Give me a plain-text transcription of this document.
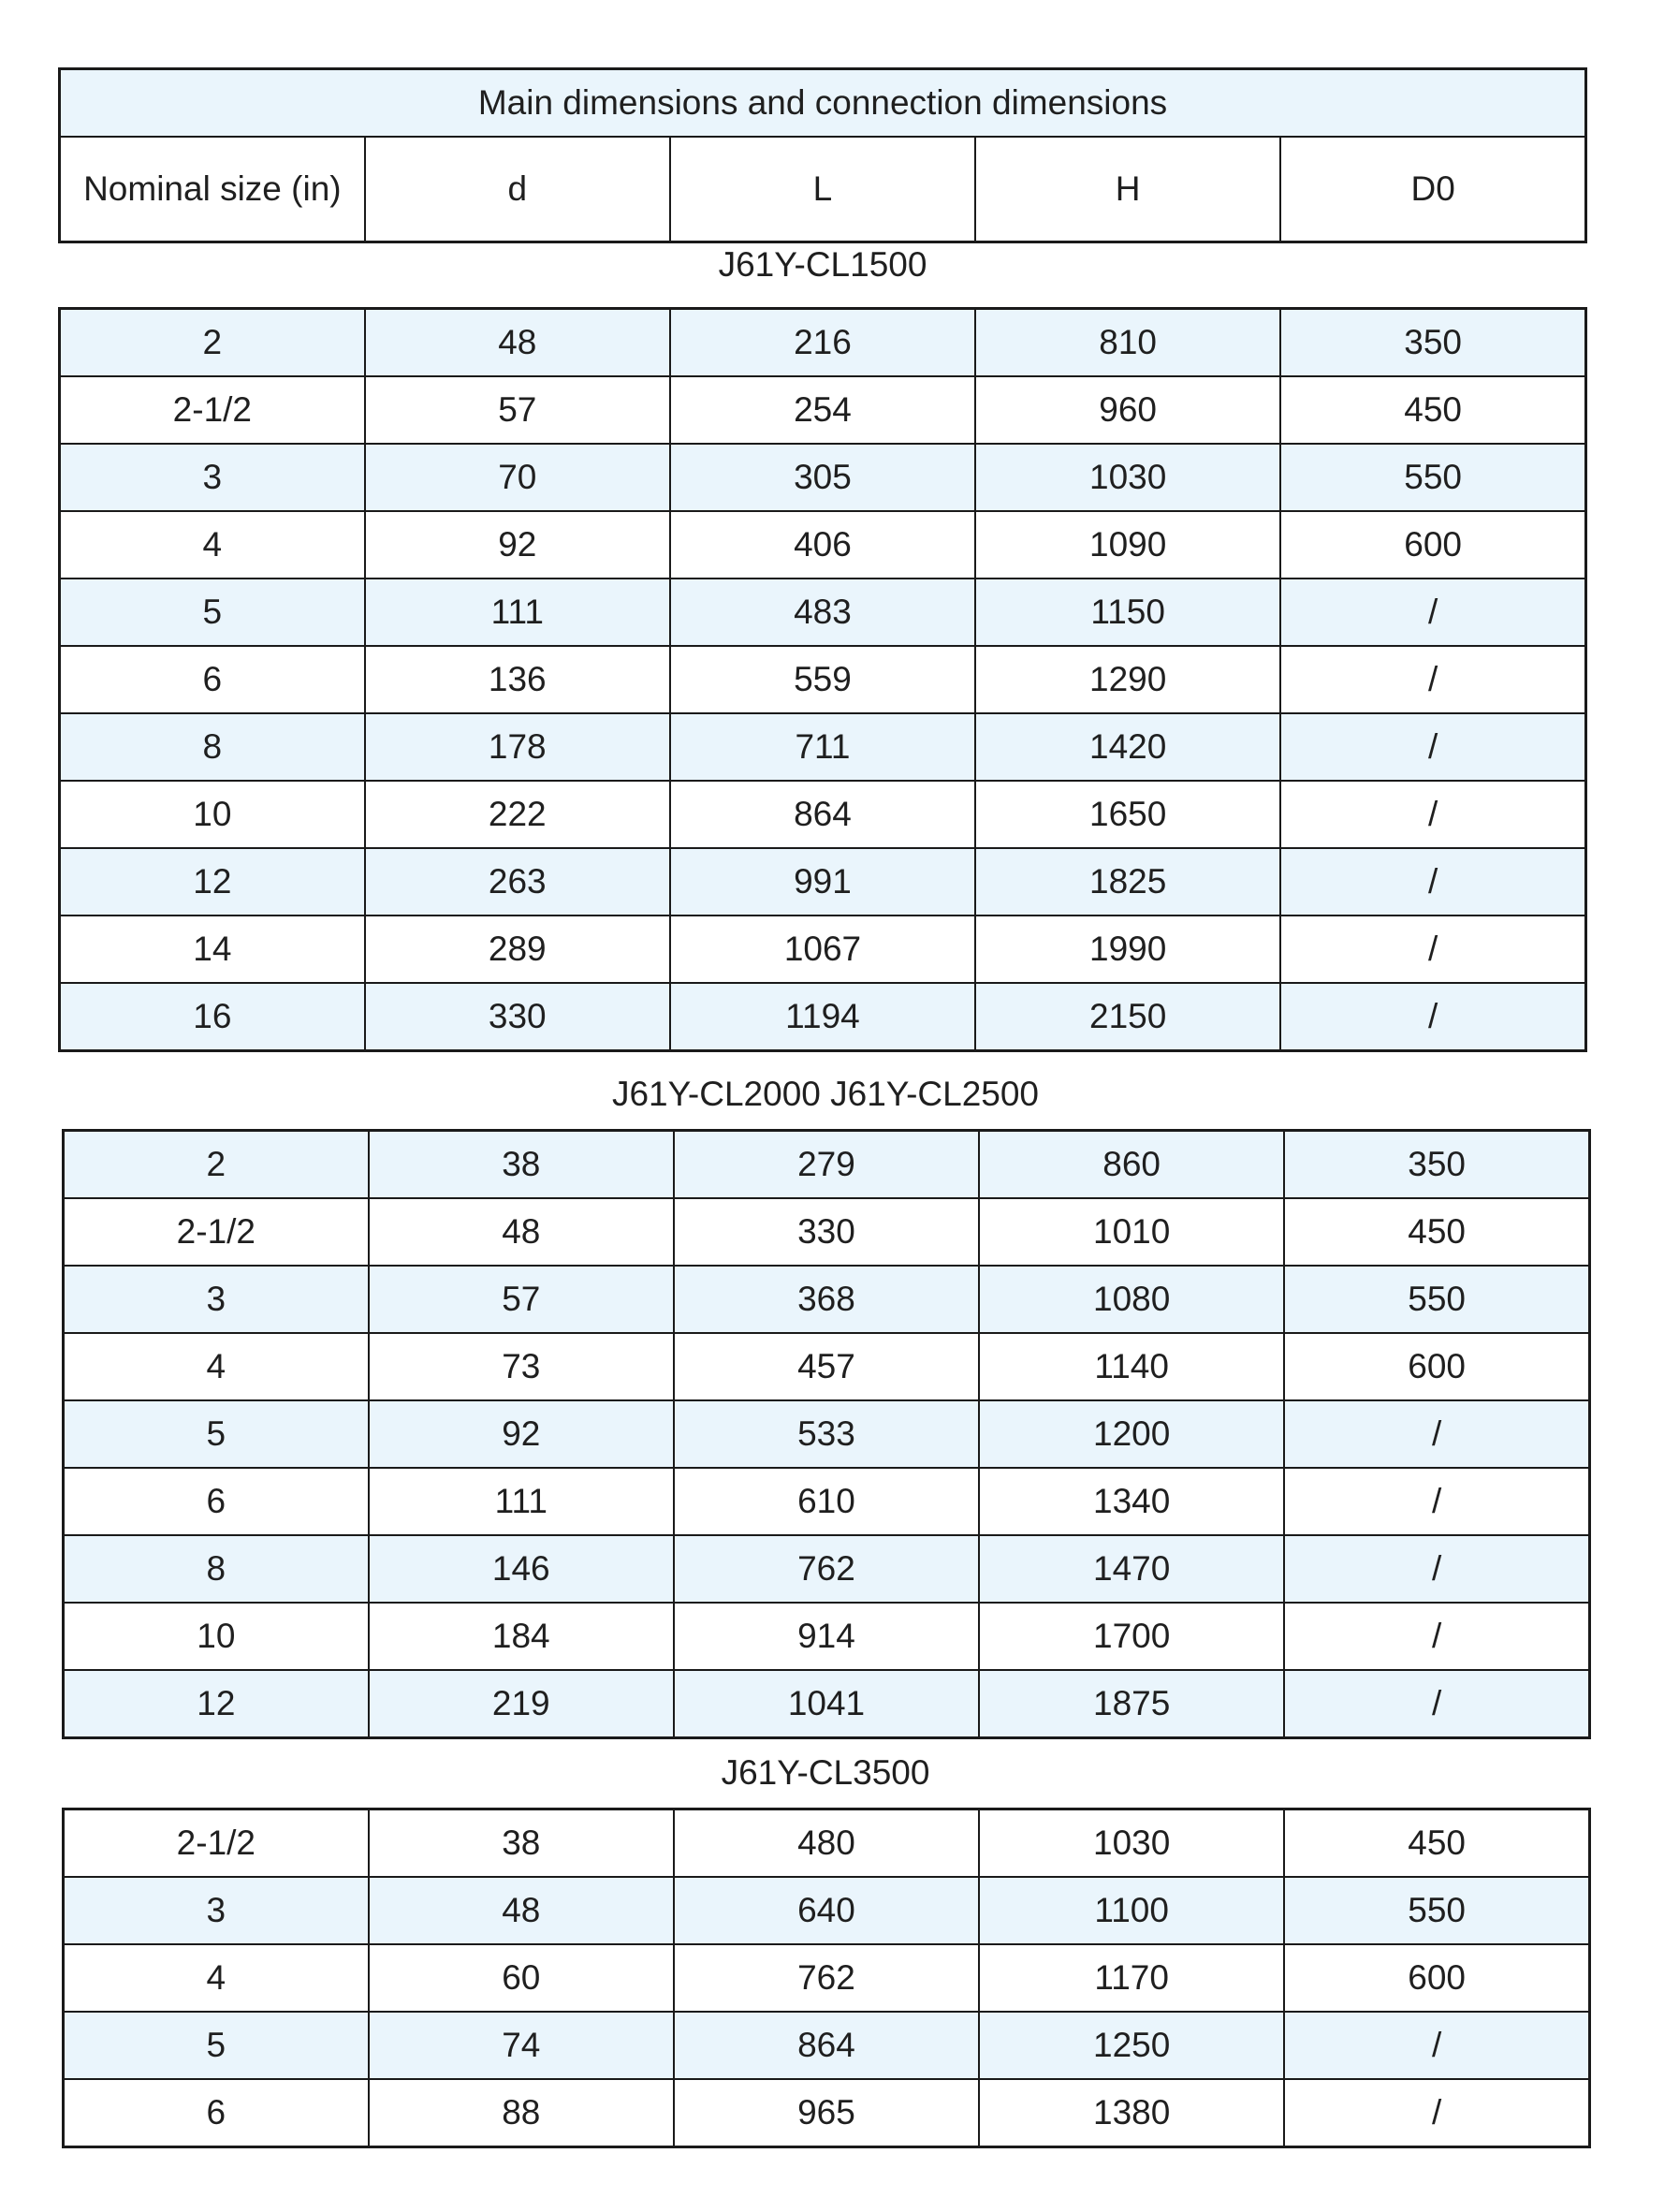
Main dimensions and connection dimensions
Nominal size (in)	d	L	H	D0
J61Y-CL1500
2	48	216	810	350
2-1/2	57	254	960	450
3	70	305	1030	550
4	92	406	1090	600
5	111	483	1150	/
6	136	559	1290	/
8	178	711	1420	/
10	222	864	1650	/
12	263	991	1825	/
14	289	1067	1990	/
16	330	1194	2150	/
J61Y-CL2000 J61Y-CL2500
2	38	279	860	350
2-1/2	48	330	1010	450
3	57	368	1080	550
4	73	457	1140	600
5	92	533	1200	/
6	111	610	1340	/
8	146	762	1470	/
10	184	914	1700	/
12	219	1041	1875	/
J61Y-CL3500
2-1/2	38	480	1030	450
3	48	640	1100	550
4	60	762	1170	600
5	74	864	1250	/
6	88	965	1380	/
